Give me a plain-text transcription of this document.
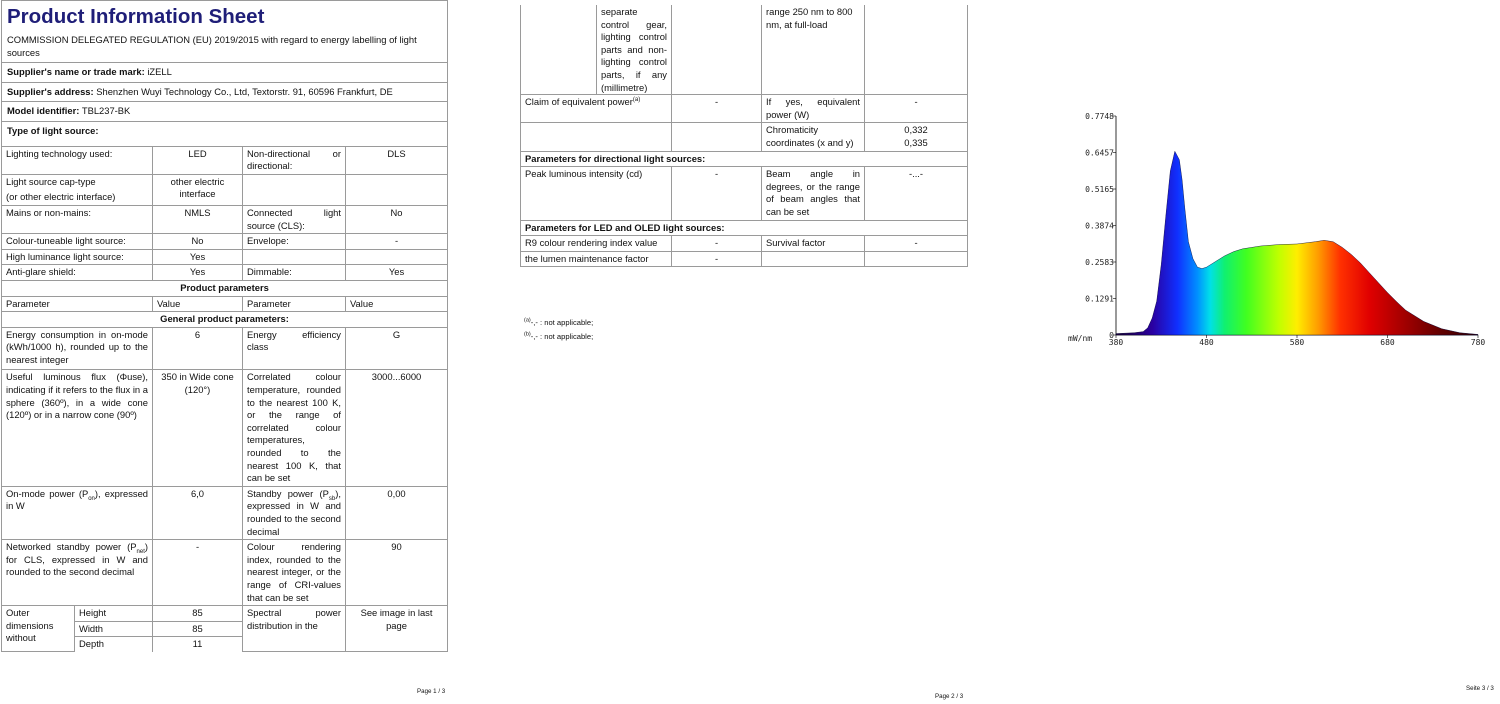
Product Information Sheet
COMMISSION DELEGATED REGULATION (EU) 2019/2015 with regard to energy labelling of light sources				

Supplier's name or trade mark: iZELL				
Supplier's address: Shenzhen Wuyi Technology Co., Ltd, Textorstr. 91, 60596 Frankfurt, DE				
Model identifier: TBL237-BK				
Type of light source:				
Lighting technology used:		LED	Non-directional or directional:	DLS

Light source cap-type
(or other electric interface)		other electric interface		
Mains or non-mains:		NMLS	Connected light source (CLS):	No
Colour-tuneable light source:		No	Envelope:	-
High luminance light source:		Yes		
Anti-glare shield:		Yes	Dimmable:	Yes
Product parameters				
Parameter		Value	Parameter	Value
General product parameters:				
Energy consumption in on-mode (kWh/1000 h), rounded up to the nearest integer		6	Energy efficiency class	G
Useful luminous flux (Φuse), indicating if it refers to the flux in a sphere (360º), in a wide cone (120º) or in a narrow cone (90º)		350 in Wide cone (120°)	Correlated colour temperature, rounded to the nearest 100 K, or the range of correlated colour temperatures, rounded to the nearest 100 K, that can be set	3000...6000
On-mode power $(P_{on})$, expressed in W		6,0	Standby power $(P_{sb})$, expressed in W and rounded to the second decimal	0,00
Networked standby power $(P_{net})$ for CLS, expressed in W and rounded to the second decimal		-	Colour rendering index, rounded to the nearest integer, or the range of CRI-values that can be set	90
Outer dimensions without	Height	85	Spectral power distribution in the	See image in last page
	Width	85		
	Depth	11		
Page 1 / 3
	separate control gear, lighting control parts and non-lighting control parts, if any (millimetre)		range 250 nm to 800 nm, at full-load	
Claim of equivalent power$^{(a)}$		-	If yes, equivalent power (W)	-
			Chromaticity coordinates (x and y)	0,332
0,335

Parameters for directional light sources:				
Peak luminous intensity (cd)		-	Beam angle in degrees, or the range of beam angles that can be set	-...-
Parameters for LED and OLED light sources:				
R9 colour rendering index value		-	Survival factor	-
the lumen maintenance factor		-		
$^{(a)}$-,- : not applicable;
$^{(b)}$-,- : not applicable;
Page 2 / 3
0
0.1291
0.2583
0.3874
0.5165
0.6457
0.7748
380	480	580	680	780
mW/nm
Seite 3 / 3
